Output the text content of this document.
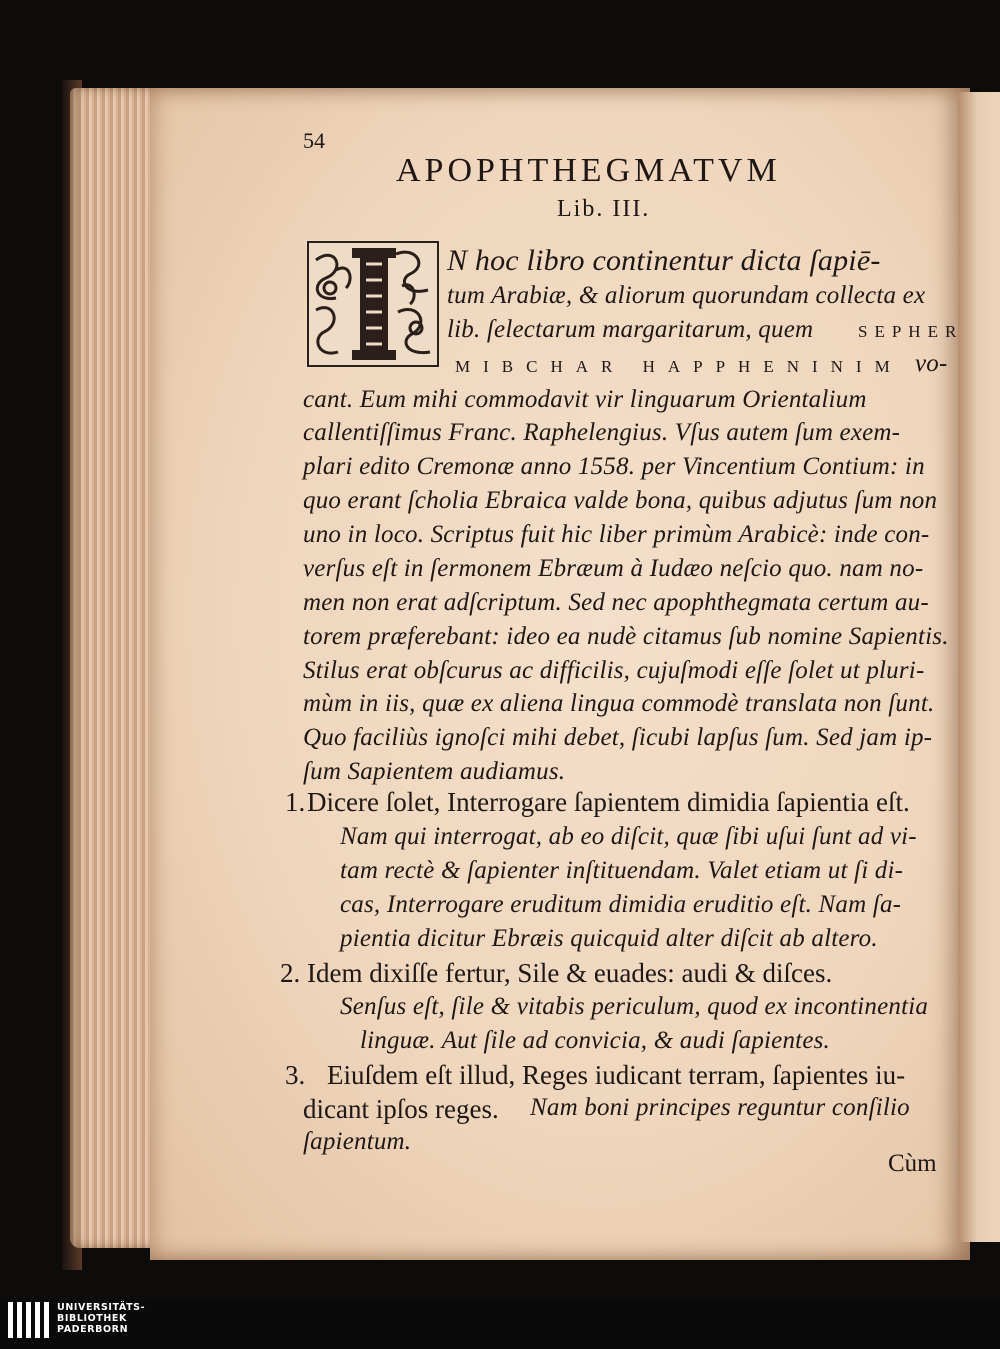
54
APOPHTHEGMATVM
Lib. III.
N hoc libro continentur dicta ſapiē-
tum Arabiæ, & aliorum quorundam collecta ex
lib. ſelectarum margaritarum, quem	SEPHER
MIBCHAR HAPPHENINIM vo-
cant. Eum mihi commodavit vir linguarum Orientalium
callentiſſimus Franc. Raphelengius. Vſus autem ſum exem-
plari edito Cremonæ anno 1558. per Vincentium Contium: in
quo erant ſcholia Ebraica valde bona, quibus adjutus ſum non
uno in loco. Scriptus fuit hic liber primùm Arabicè: inde con-
verſus eſt in ſermonem Ebræum à Iudæo neſcio quo. nam no-
men non erat adſcriptum. Sed nec apophthegmata certum au-
torem præferebant: ideo ea nudè citamus ſub nomine Sapientis.
Stilus erat obſcurus ac difficilis, cujuſmodi eſſe ſolet ut pluri-
mùm in iis, quæ ex aliena lingua commodè translata non ſunt.
Quo faciliùs ignoſci mihi debet, ſicubi lapſus ſum. Sed jam ip-
ſum Sapientem audiamus.
1. Dicere ſolet, Interrogare ſapientem dimidia ſapientia eſt.
Nam qui interrogat, ab eo diſcit, quæ ſibi uſui ſunt ad vi-
tam rectè & ſapienter inſtituendam. Valet etiam ut ſi di-
cas, Interrogare eruditum dimidia eruditio eſt. Nam ſa-
pientia dicitur Ebræis quicquid alter diſcit ab altero.
2. Idem dixiſſe fertur, Sile & euades: audi & diſces.
Senſus eſt, ſile & vitabis periculum, quod ex incontinentia
linguæ. Aut ſile ad convicia, & audi ſapientes.
3. Eiuſdem eſt illud, Reges iudicant terram, ſapientes iu-
dicant ipſos reges. Nam boni principes reguntur conſilio
ſapientum.
Cùm
UNIVERSITÄTS-
BIBLIOTHEK
PADERBORN
